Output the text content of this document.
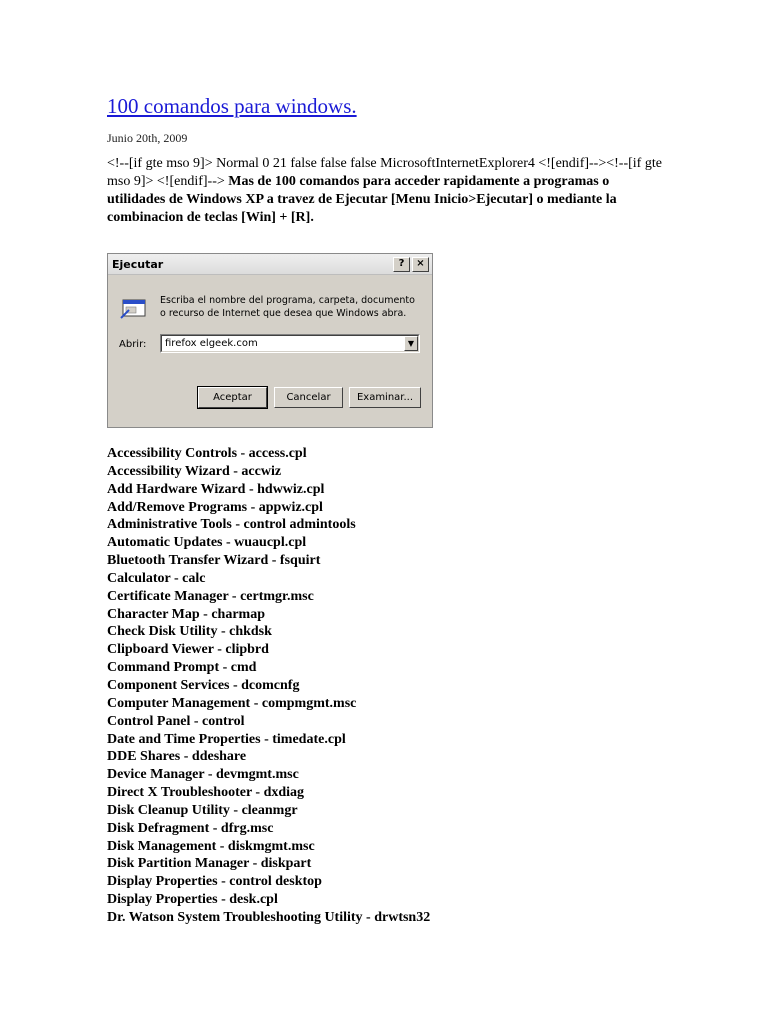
100 comandos para windows.
Junio 20th, 2009
<!--[if gte mso 9]> Normal 0 21 false false false MicrosoftInternetExplorer4 <![endif]--><!--[if gte mso 9]> <![endif]--> Mas de 100 comandos para acceder rapidamente a programas o utilidades de Windows XP a travez de Ejecutar [Menu Inicio>Ejecutar] o mediante la combinacion de teclas [Win] + [R].
Ejecutar	?	×
Escriba el nombre del programa, carpeta, documento o recurso de Internet que desea que Windows abra.
Abrir: firefox elgeek.com	▼
Aceptar	Cancelar	Examinar...
Accessibility Controls - access.cpl
Accessibility Wizard - accwiz
Add Hardware Wizard - hdwwiz.cpl
Add/Remove Programs - appwiz.cpl
Administrative Tools - control admintools
Automatic Updates - wuaucpl.cpl
Bluetooth Transfer Wizard - fsquirt
Calculator - calc
Certificate Manager - certmgr.msc
Character Map - charmap
Check Disk Utility - chkdsk
Clipboard Viewer - clipbrd
Command Prompt - cmd
Component Services - dcomcnfg
Computer Management - compmgmt.msc
Control Panel - control
Date and Time Properties - timedate.cpl
DDE Shares - ddeshare
Device Manager - devmgmt.msc
Direct X Troubleshooter - dxdiag
Disk Cleanup Utility - cleanmgr
Disk Defragment - dfrg.msc
Disk Management - diskmgmt.msc
Disk Partition Manager - diskpart
Display Properties - control desktop
Display Properties - desk.cpl
Dr. Watson System Troubleshooting Utility - drwtsn32
